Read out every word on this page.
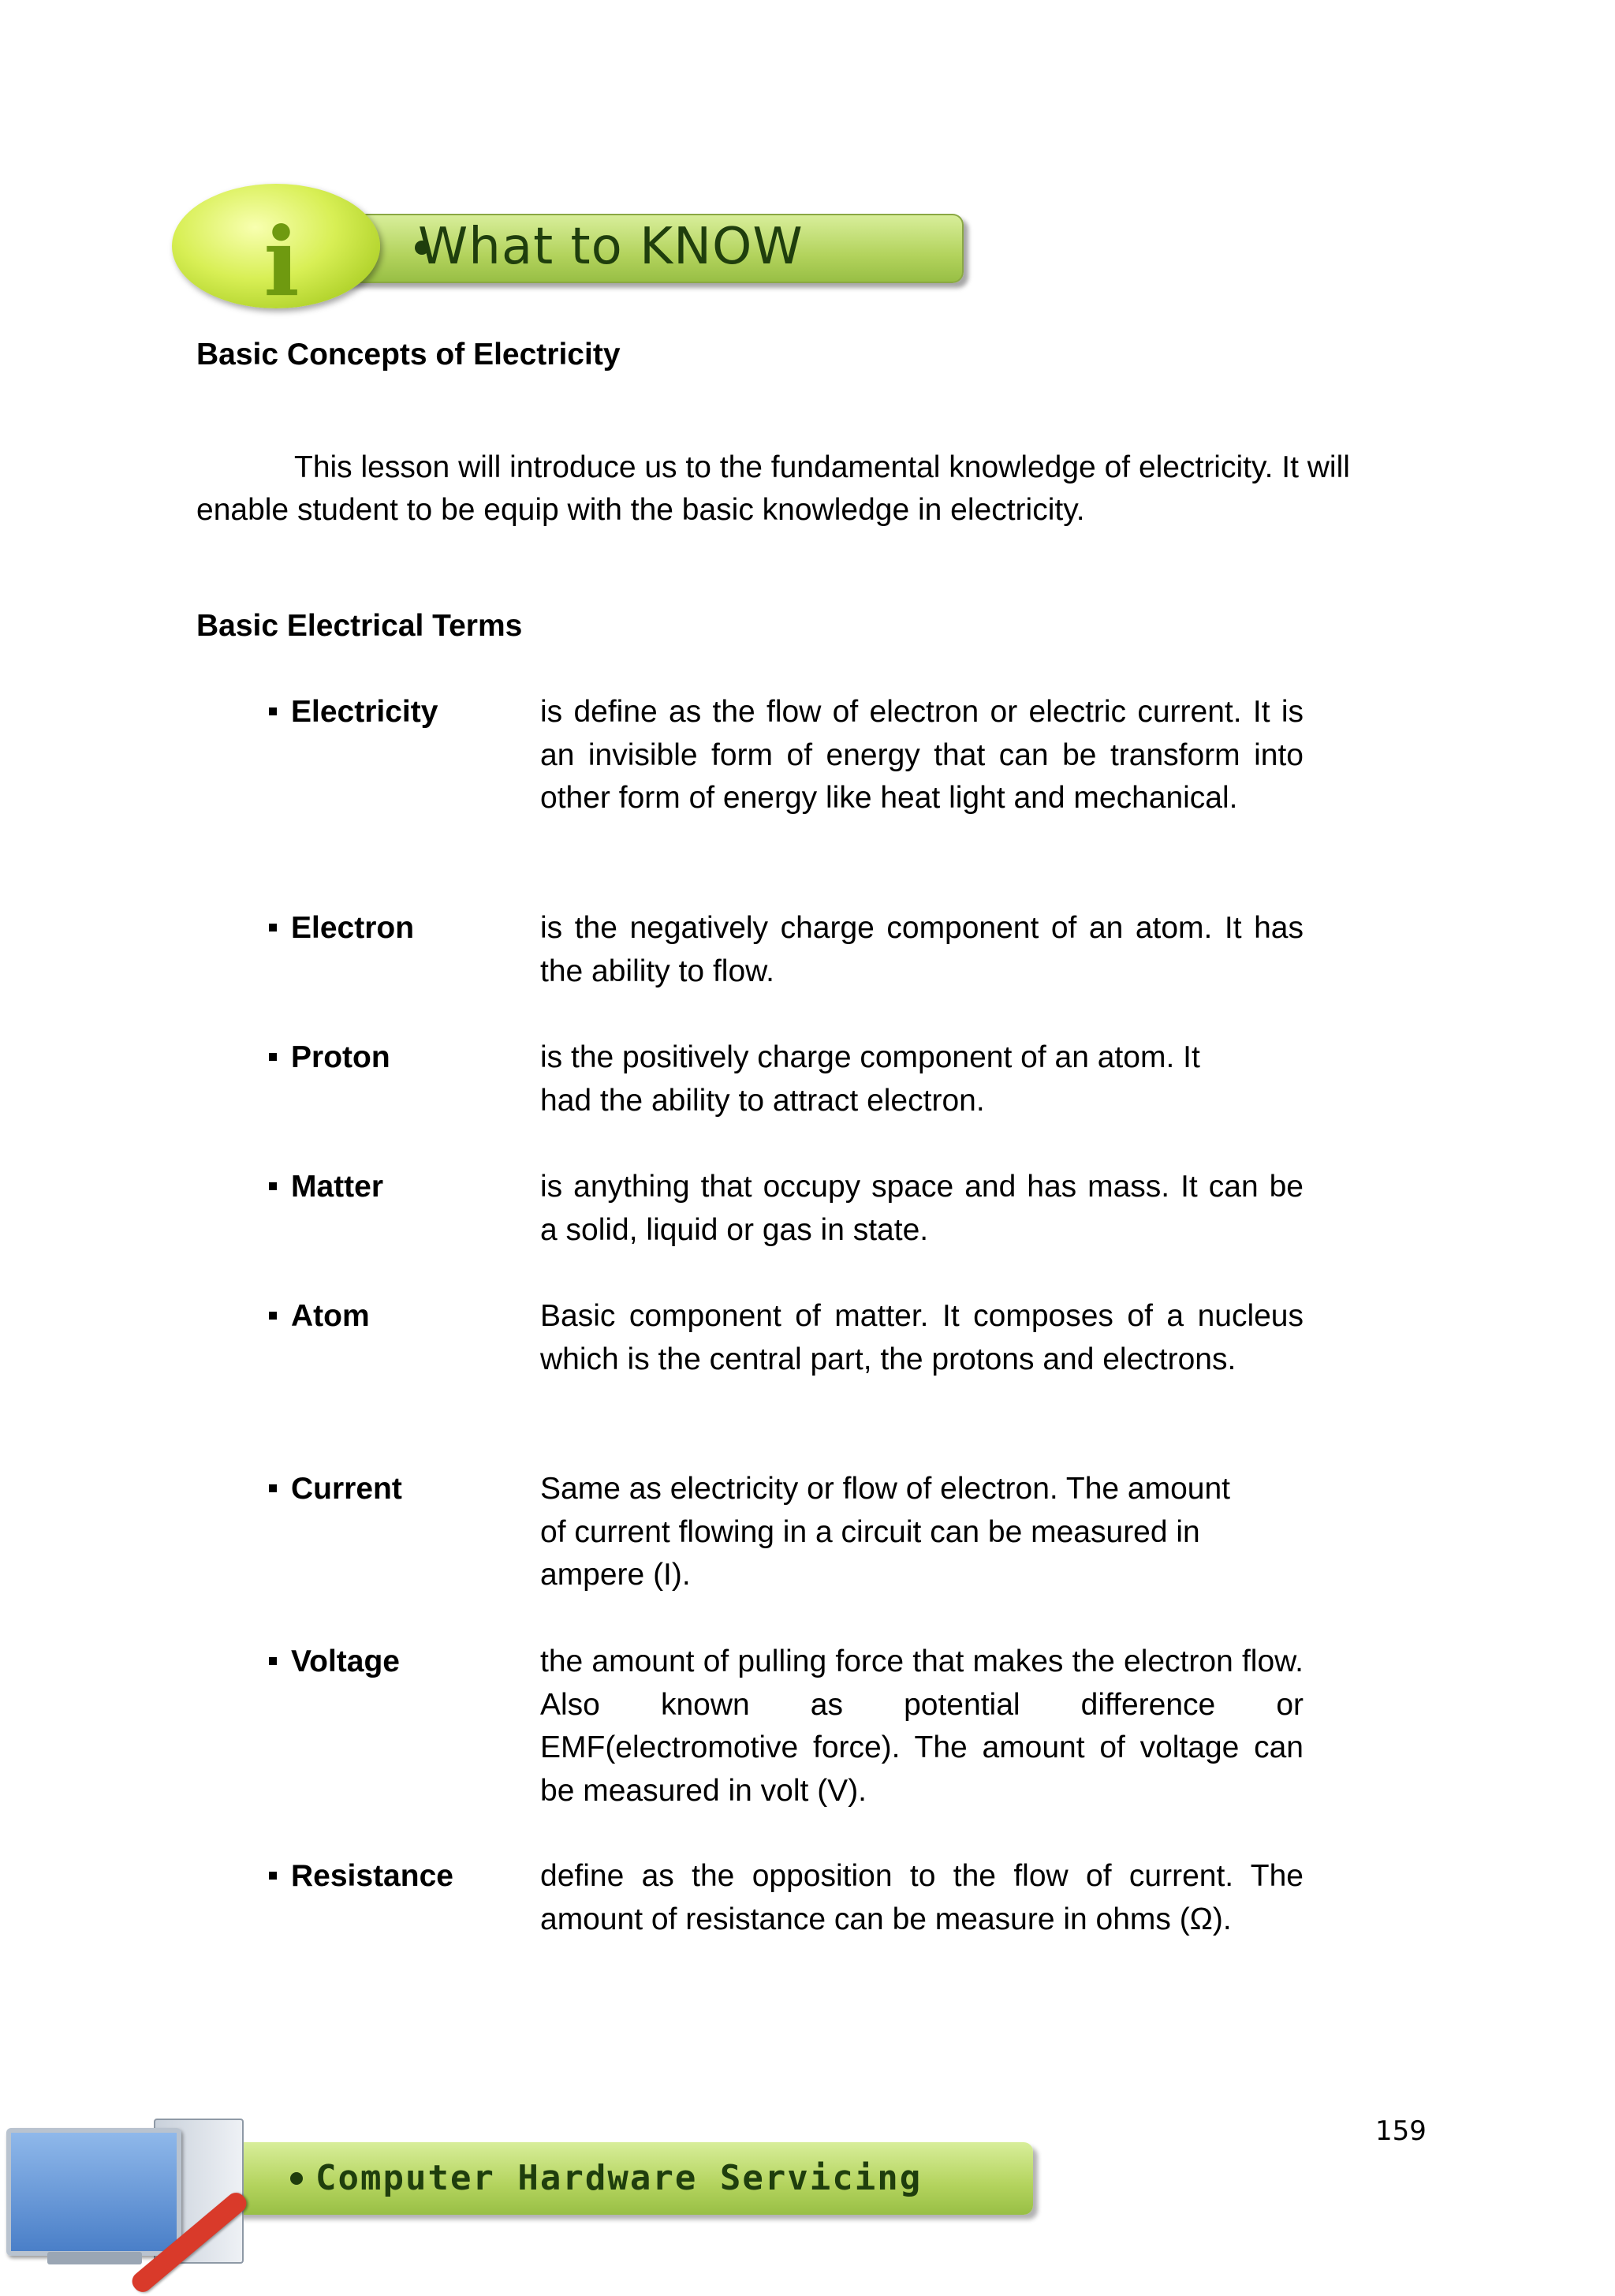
What to KNOW
i
Basic Concepts of Electricity
This lesson will introduce us to the fundamental knowledge of electricity. It will enable student to be equip with the basic knowledge in electricity.
Basic Electrical Terms
Electricity	is define as the flow of electron or electric current. It is an invisible form of energy that can be transform into other form of energy like heat light and mechanical.
Electron	is the negatively charge component of an atom. It has the ability to flow.
Proton	is the positively charge component of an atom. It
had the ability to attract electron.
Matter	is anything that occupy space and has mass. It can be a solid, liquid or gas in state.
Atom	Basic component of matter. It composes of a nucleus which is the central part, the protons and electrons.
Current	Same as electricity or flow of electron. The amount
of current flowing in a circuit can be measured in
ampere (I).
Voltage	the amount of pulling force that makes the electron flow. Also known as potential difference or EMF(electromotive force). The amount of voltage can be measured in volt (V).
Resistance	define as the opposition to the flow of current. The amount of resistance can be measure in ohms (Ω).
159
Computer Hardware Servicing
